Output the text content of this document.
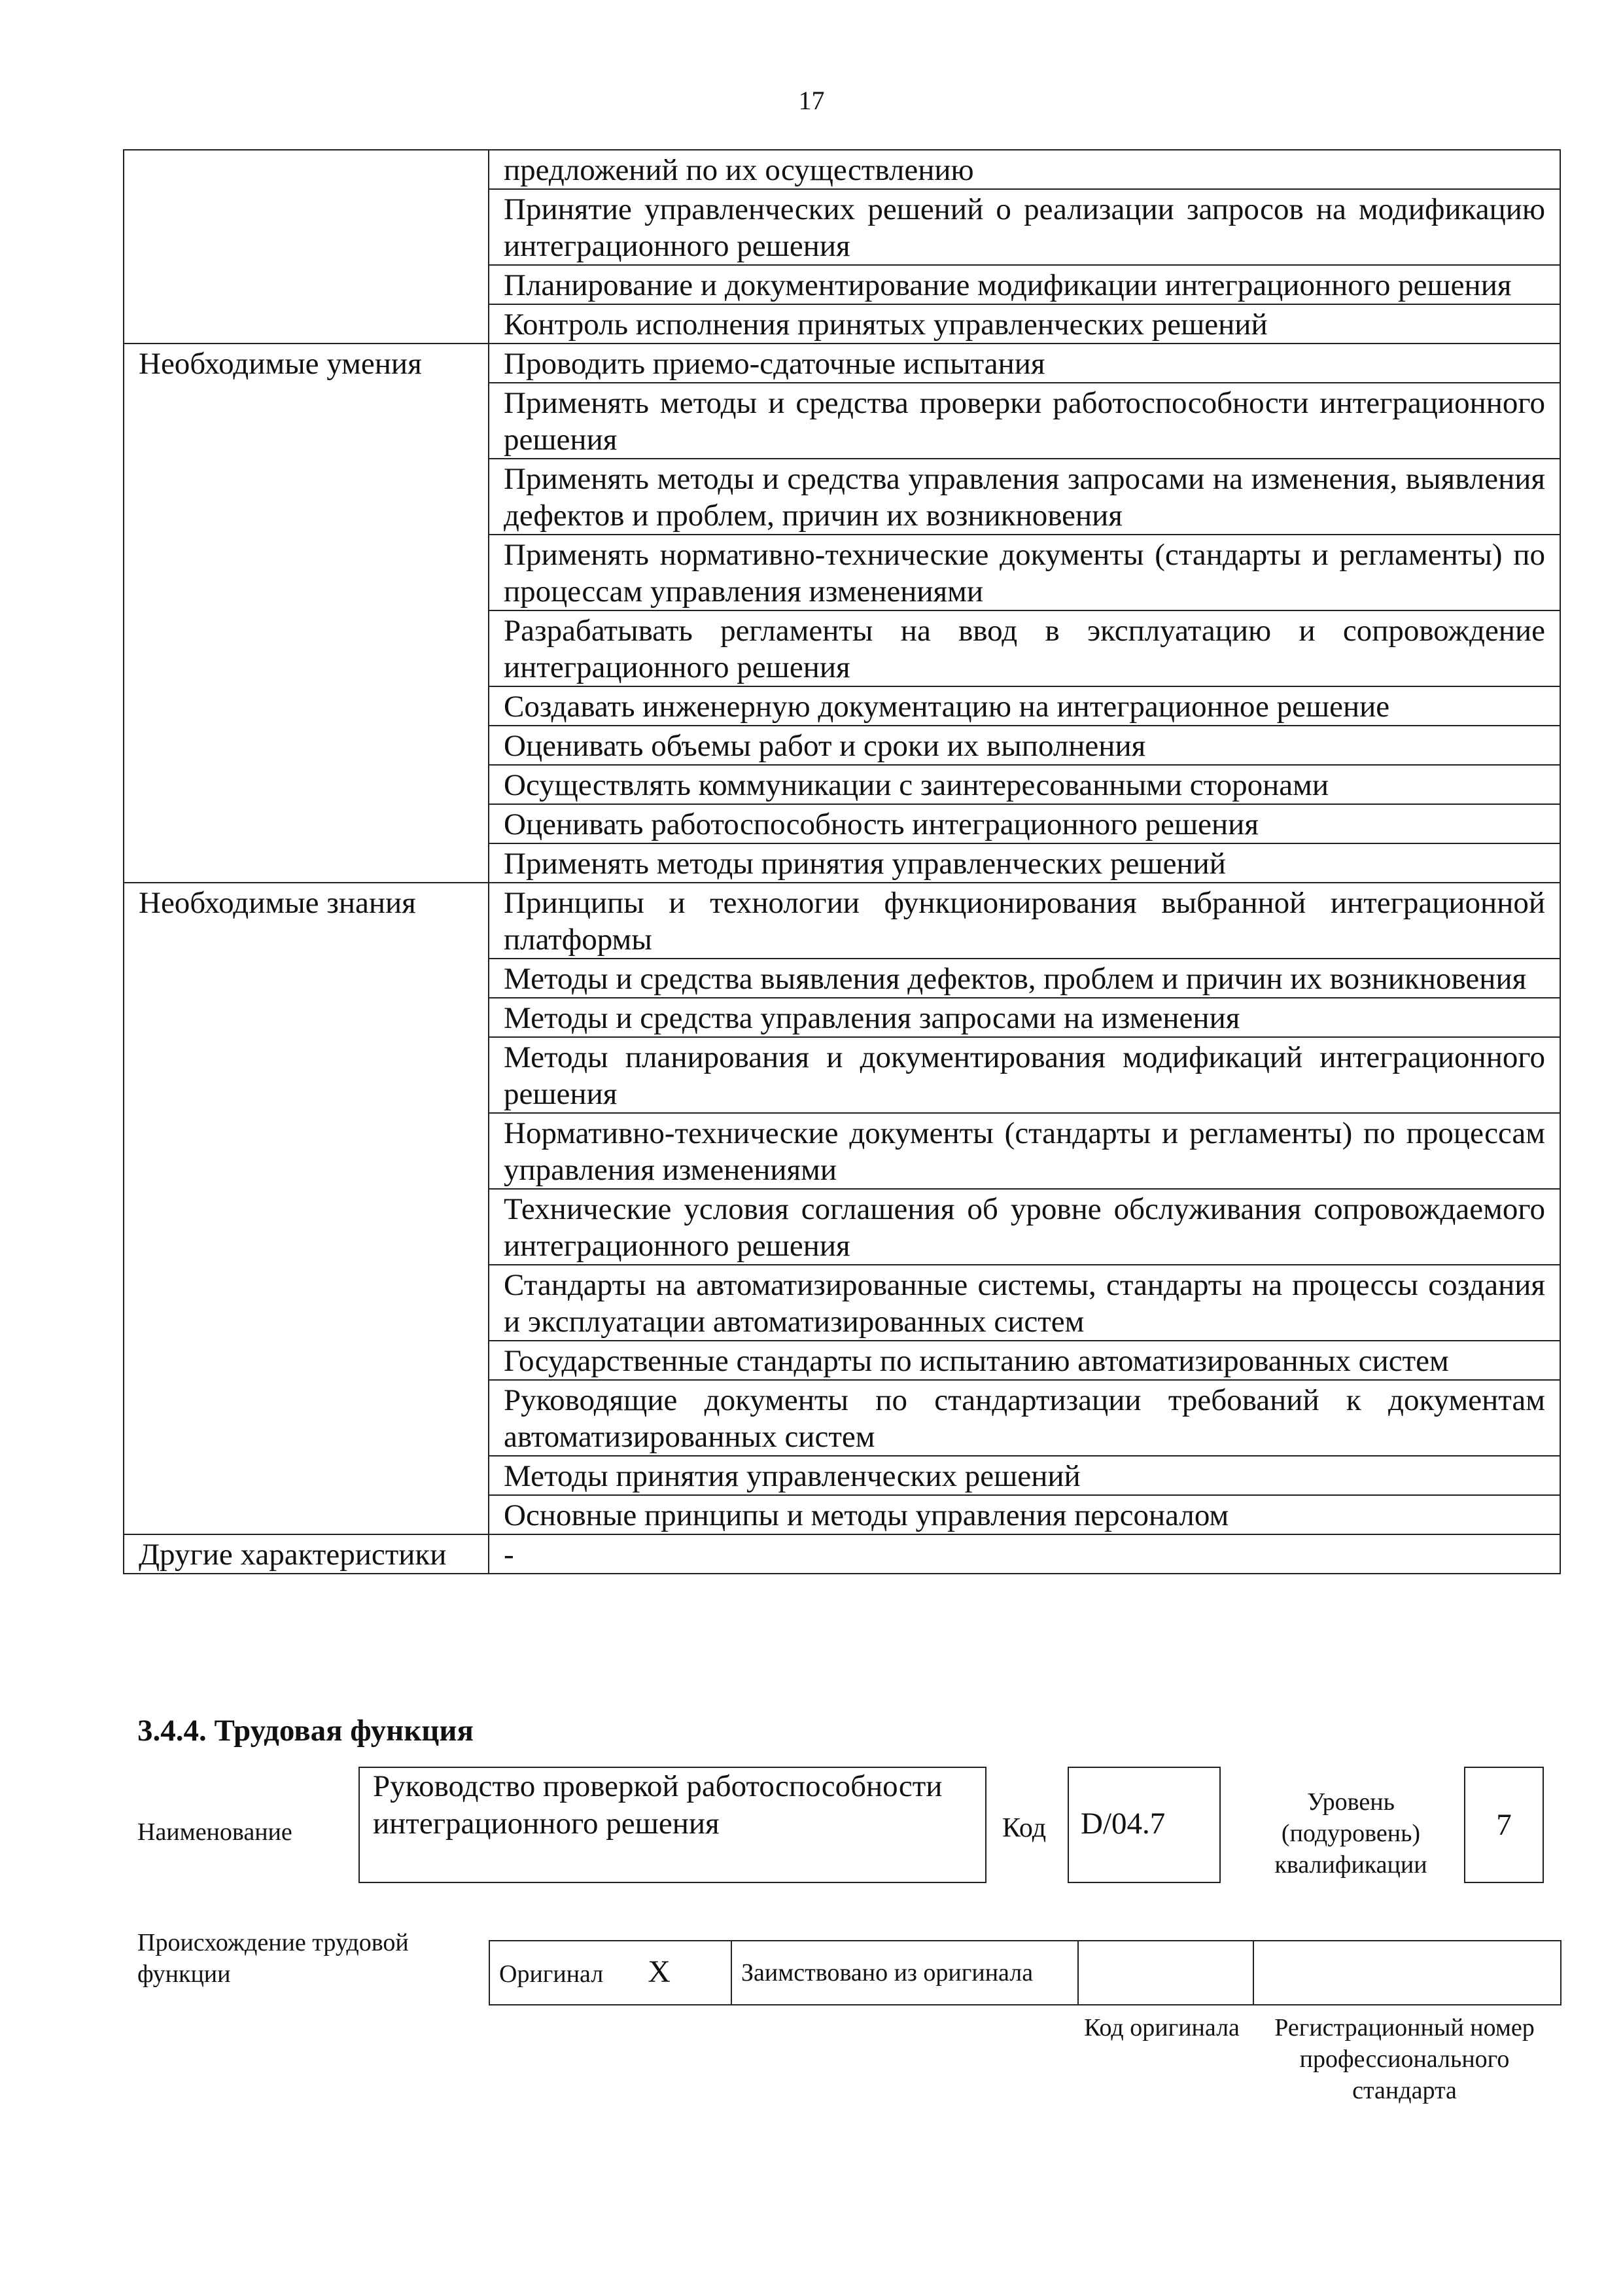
17
	предложений по их осуществлению
	Принятие управленческих решений о реализации запросов на модификацию интеграционного решения
	Планирование и документирование модификации интеграционного решения
	Контроль исполнения принятых управленческих решений
Необходимые умения	Проводить приемо-сдаточные испытания
	Применять методы и средства проверки работоспособности интеграционного решения
	Применять методы и средства управления запросами на изменения, выявления дефектов и проблем, причин их возникновения
	Применять нормативно-технические документы (стандарты и регламенты) по процессам управления изменениями
	Разрабатывать регламенты на ввод в эксплуатацию и сопровождение интеграционного решения
	Создавать инженерную документацию на интеграционное решение
	Оценивать объемы работ и сроки их выполнения
	Осуществлять коммуникации с заинтересованными сторонами
	Оценивать работоспособность интеграционного решения
	Применять методы принятия управленческих решений
Необходимые знания	Принципы и технологии функционирования выбранной интеграционной платформы
	Методы и средства выявления дефектов, проблем и причин их возникновения
	Методы и средства управления запросами на изменения
	Методы планирования и документирования модификаций интеграционного решения
	Нормативно-технические документы (стандарты и регламенты) по процессам управления изменениями
	Технические условия соглашения об уровне обслуживания сопровождаемого интеграционного решения
	Стандарты на автоматизированные системы, стандарты на процессы создания и эксплуатации автоматизированных систем
	Государственные стандарты по испытанию автоматизированных систем
	Руководящие документы по стандартизации требований к документам автоматизированных систем
	Методы принятия управленческих решений
	Основные принципы и методы управления персоналом
Другие характеристики	-
3.4.4. Трудовая функция
Наименование
Руководство проверкой работоспособности интеграционного решения	Код	D/04.7
Уровень (подуровень) квалификации
7
Происхождение трудовой функции	Оригинал X	Заимствовано из оригинала		
Код оригинала	Регистрационный номер профессионального стандарта
